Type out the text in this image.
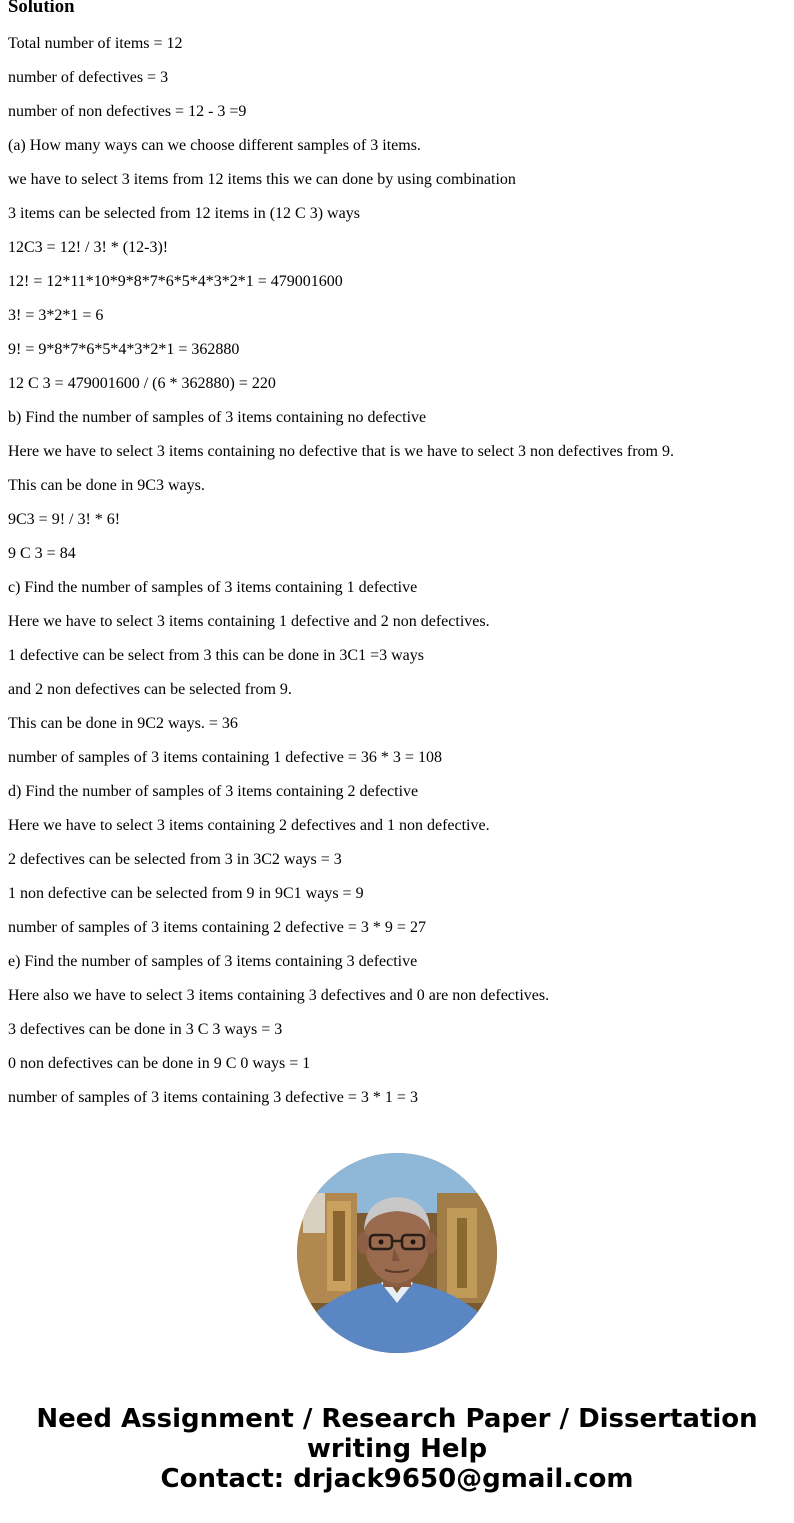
Solution

Total number of items = 12

number of defectives = 3

number of non defectives = 12 - 3 =9

(a) How many ways can we choose different samples of 3 items.

we have to select 3 items from 12 items this we can done by using combination

3 items can be selected from 12 items in (12 C 3) ways

12C3 = 12! / 3! * (12-3)!

12! = 12*11*10*9*8*7*6*5*4*3*2*1 = 479001600

3! = 3*2*1 = 6

9! = 9*8*7*6*5*4*3*2*1 = 362880

12 C 3 = 479001600 / (6 * 362880) = 220

b) Find the number of samples of 3 items containing no defective

Here we have to select 3 items containing no defective that is we have to select 3 non defectives from 9.

This can be done in 9C3 ways.

9C3 = 9! / 3! * 6!

9 C 3 = 84

c) Find the number of samples of 3 items containing 1 defective

Here we have to select 3 items containing 1 defective and 2 non defectives.

1 defective can be select from 3 this can be done in 3C1 =3 ways

and 2 non defectives can be selected from 9.

This can be done in 9C2 ways. = 36

number of samples of 3 items containing 1 defective = 36 * 3 = 108

d) Find the number of samples of 3 items containing 2 defective

Here we have to select 3 items containing 2 defectives and 1 non defective.

2 defectives can be selected from 3 in 3C2 ways = 3

1 non defective can be selected from 9 in 9C1 ways = 9

number of samples of 3 items containing 2 defective = 3 * 9 = 27

e) Find the number of samples of 3 items containing 3 defective

Here also we have to select 3 items containing 3 defectives and 0 are non defectives.

3 defectives can be done in 3 C 3 ways = 3

0 non defectives can be done in 9 C 0 ways = 1

number of samples of 3 items containing 3 defective = 3 * 1 = 3

Need Assignment / Research Paper / Dissertation
writing Help
Contact: drjack9650@gmail.com
